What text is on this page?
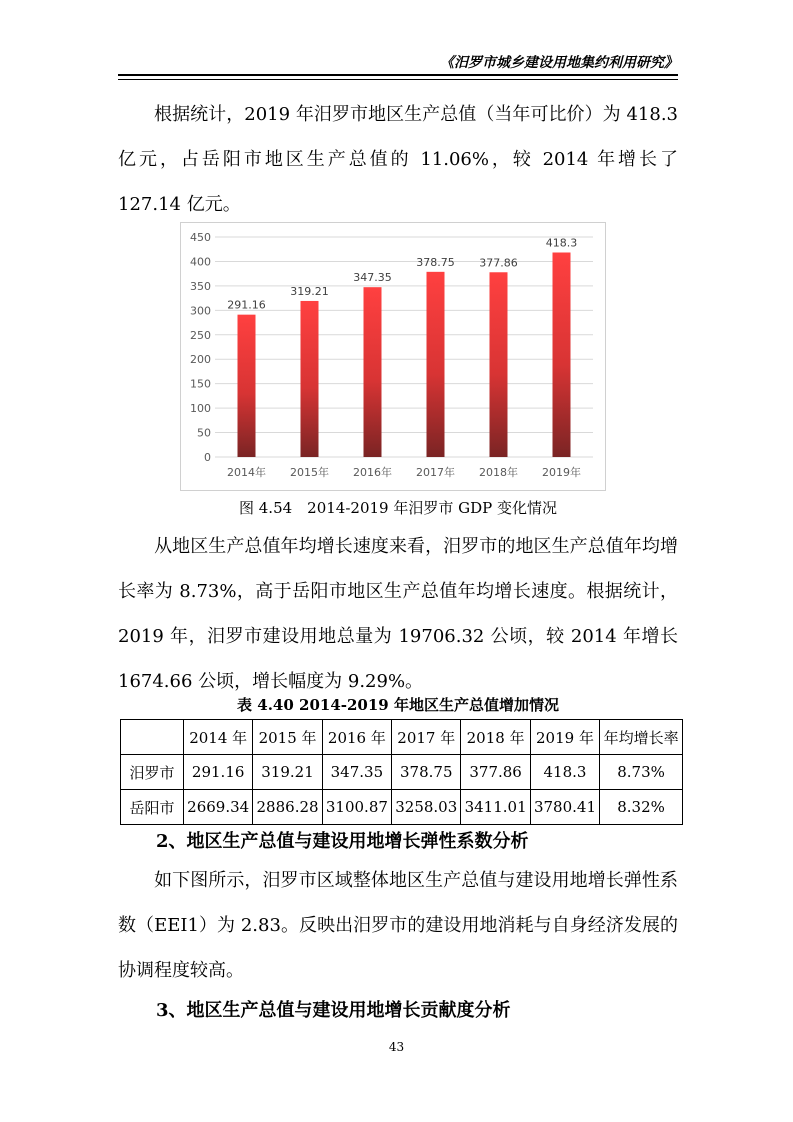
《汨罗市城乡建设用地集约利用研究》

根据统计，2019 年汨罗市地区生产总值（当年可比价）为 418.3 亿元，占岳阳市地区生产总值的 11.06%，较 2014 年增长了 127.14 亿元。

0
50
100
150
200
250
300
350
400
450
291.16
319.21
347.35
378.75 377.86
418.3
2014年 2015年 2016年 2017年 2018年 2019年
图 4.54　2014-2019 年汨罗市 GDP 变化情况

从地区生产总值年均增长速度来看，汨罗市的地区生产总值年均增长率为 8.73%，高于岳阳市地区生产总值年均增长速度。根据统计，2019 年，汨罗市建设用地总量为 19706.32 公顷，较 2014 年增长 1674.66 公顷，增长幅度为 9.29%。

表 4.40 2014-2019 年地区生产总值增加情况
	2014 年	2015 年	2016 年	2017 年	2018 年	2019 年	年均增长率
汨罗市	291.16	319.21	347.35	378.75	377.86	418.3	8.73%
岳阳市	2669.34	2886.28	3100.87	3258.03	3411.01	3780.41	8.32%
2、地区生产总值与建设用地增长弹性系数分析

如下图所示，汨罗市区域整体地区生产总值与建设用地增长弹性系数（EEI1）为 2.83。反映出汨罗市的建设用地消耗与自身经济发展的协调程度较高。

3、地区生产总值与建设用地增长贡献度分析
43
